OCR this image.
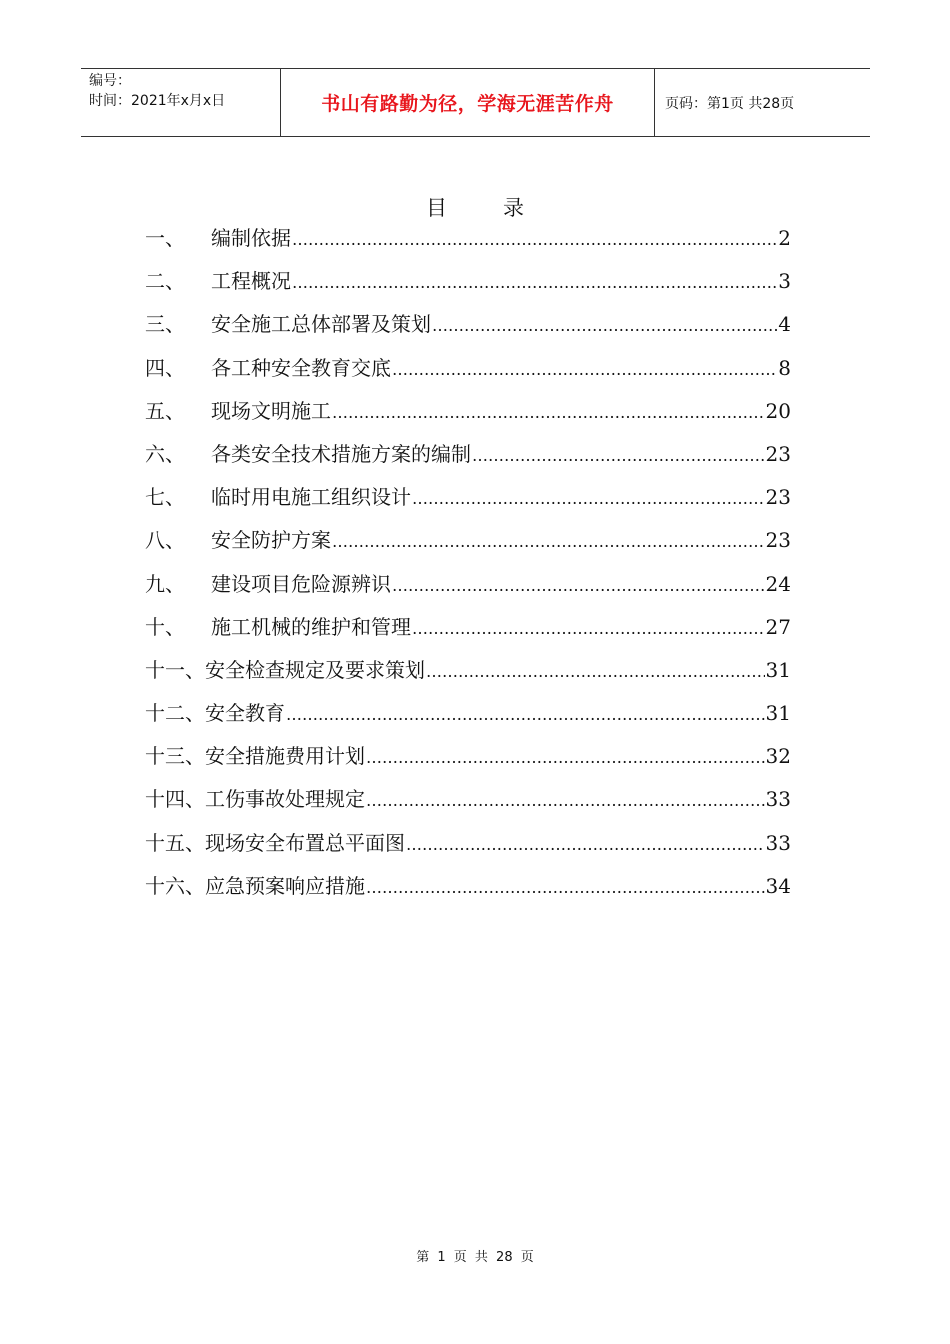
编号：
时间：2021年x月x日	书山有路勤为径，学海无涯苦作舟	页码：第1页 共28页
目录
一、	编制依据 ……………………………………………………………………………………………………………………………………………………………………	2
二、	工程概况 ……………………………………………………………………………………………………………………………………………………………………	3
三、	安全施工总体部署及策划 ……………………………………………………………………………………………………………………………………………………………………	4
四、	各工种安全教育交底 ……………………………………………………………………………………………………………………………………………………………………	8
五、	现场文明施工 ……………………………………………………………………………………………………………………………………………………………………	20
六、	各类安全技术措施方案的编制 ……………………………………………………………………………………………………………………………………………………………………	23
七、	临时用电施工组织设计 ……………………………………………………………………………………………………………………………………………………………………	23
八、	安全防护方案 ……………………………………………………………………………………………………………………………………………………………………	23
九、	建设项目危险源辨识 ……………………………………………………………………………………………………………………………………………………………………	24
十、	施工机械的维护和管理 ……………………………………………………………………………………………………………………………………………………………………	27
十一、 安全检查规定及要求策划 ……………………………………………………………………………………………………………………………………………………………………	31
十二、 安全教育 ……………………………………………………………………………………………………………………………………………………………………	31
十三、 安全措施费用计划 ……………………………………………………………………………………………………………………………………………………………………	32
十四、 工伤事故处理规定 ……………………………………………………………………………………………………………………………………………………………………	33
十五、 现场安全布置总平面图 ……………………………………………………………………………………………………………………………………………………………………	33
十六、 应急预案响应措施 ……………………………………………………………………………………………………………………………………………………………………	34
第 1 页 共 28 页
